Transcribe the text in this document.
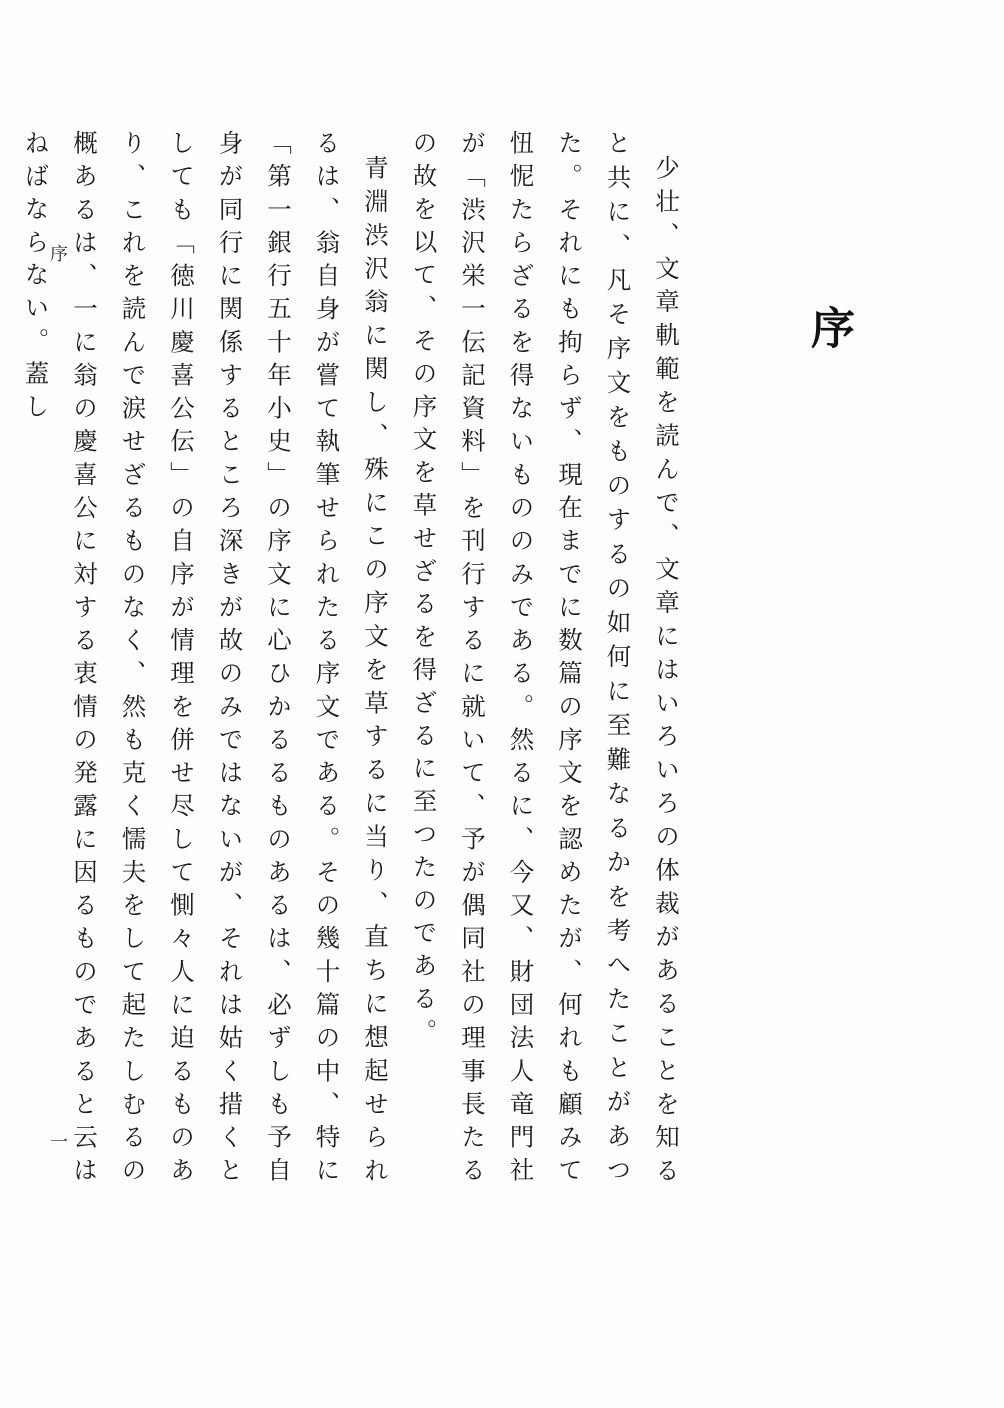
序
序
一	少壮、文章軌範を読んで、文章にはいろいろの体裁があることを知ると共に、凡そ序文をものするの如何に至難なるかを考へたことがあつた。それにも拘らず、現在までに数篇の序文を認めたが、何れも顧みて忸怩たらざるを得ないもののみである。然るに、今又、財団法人竜門社が「渋沢栄一伝記資料」を刊行するに就いて、予が偶同社の理事長たるの故を以て、その序文を草せざるを得ざるに至つたのである。

青淵渋沢翁に関し、殊にこの序文を草するに当り、直ちに想起せられるは、翁自身が嘗て執筆せられたる序文である。その幾十篇の中、特に「第一銀行五十年小史」の序文に心ひかるるものあるは、必ずしも予自身が同行に関係するところ深きが故のみではないが、それは姑く措くとしても「徳川慶喜公伝」の自序が情理を併せ尽して惻々人に迫るものあり、これを読んで涙せざるものなく、然も克く懦夫をして起たしむるの概あるは、一に翁の慶喜公に対する衷情の発露に因るものであると云はねばならない。蓋し
